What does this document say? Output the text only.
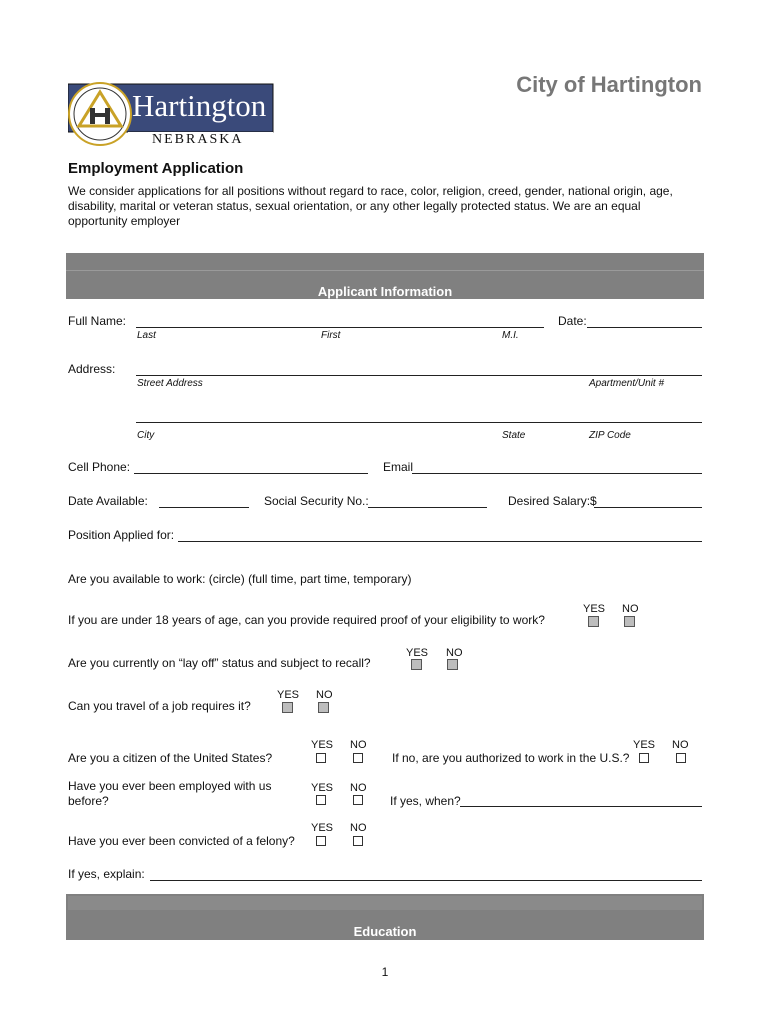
Hartington
NEBRASKA
City of Hartington
Employment Application
We consider applications for all positions without regard to race, color, religion, creed, gender, national origin, age,
disability, marital or veteran status, sexual orientation, or any other legally protected status. We are an equal
opportunity employer
Applicant Information
Full Name:
Last	First	M.I.
Date:
Address:
Street Address	Apartment/Unit #
City	State	ZIP Code
Cell Phone:	Email
Date Available:	Social Security No.:	Desired Salary:$
Position Applied for:
Are you available to work: (circle) (full time, part time, temporary)
If you are under 18 years of age, can you provide required proof of your eligibility to work?
YES NO
Are you currently on “lay off” status and subject to recall?
YES NO
Can you travel of a job requires it?
YES NO
Are you a citizen of the United States?
YES NO
If no, are you authorized to work in the U.S.?
YES NO
Have you ever been employed with us
before?
YES NO
If yes, when?
Have you ever been convicted of a felony?
YES NO
If yes, explain:
Education
1
